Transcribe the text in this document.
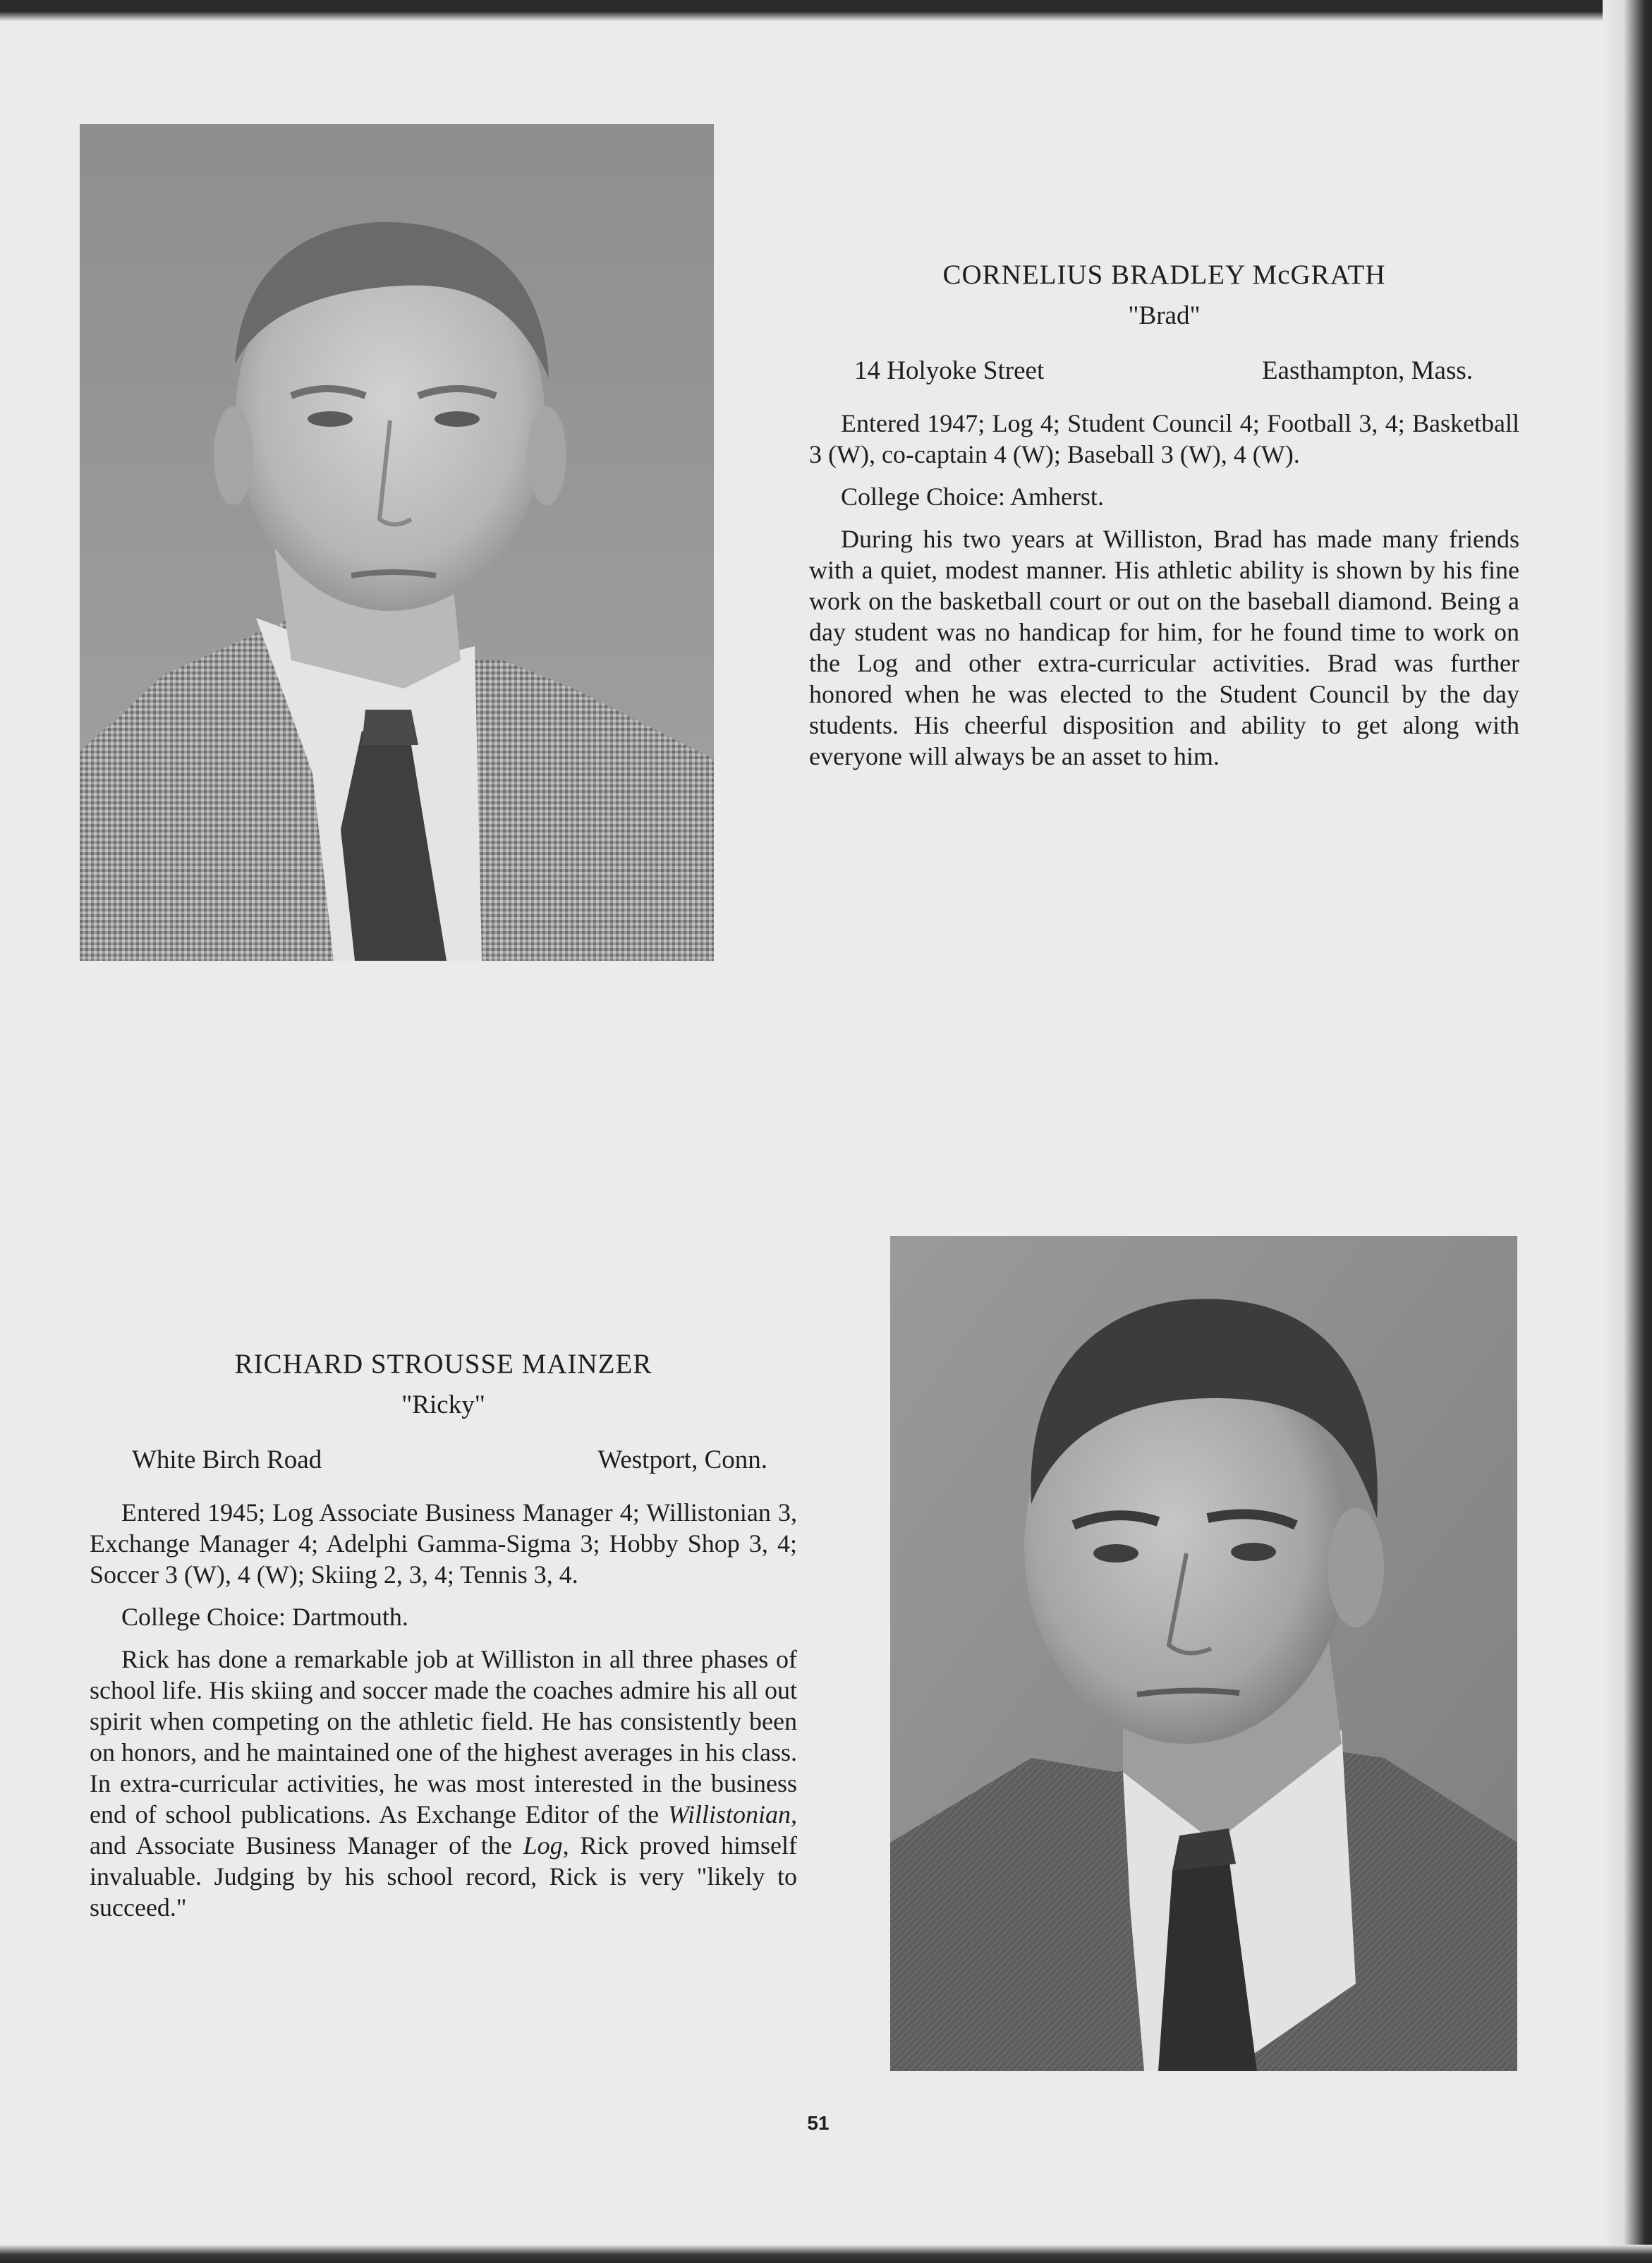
CORNELIUS BRADLEY McGRATH
"Brad"
14 Holyoke Street	Easthampton, Mass.

Entered 1947; Log 4; Student Council 4; Football 3, 4; Basketball 3 (W), co-captain 4 (W); Baseball 3 (W), 4 (W).

College Choice: Amherst.

During his two years at Williston, Brad has made many friends with a quiet, modest manner. His athletic ability is shown by his fine work on the basketball court or out on the baseball diamond. Being a day student was no handicap for him, for he found time to work on the Log and other extra-curricular activities. Brad was further honored when he was elected to the Student Council by the day students. His cheerful disposition and ability to get along with everyone will always be an asset to him.

RICHARD STROUSSE MAINZER
"Ricky"
White Birch Road	Westport, Conn.

Entered 1945; Log Associate Business Manager 4; Willistonian 3, Exchange Manager 4; Adelphi Gamma-Sigma 3; Hobby Shop 3, 4; Soccer 3 (W), 4 (W); Skiing 2, 3, 4; Tennis 3, 4.

College Choice: Dartmouth.

Rick has done a remarkable job at Williston in all three phases of school life. His skiing and soccer made the coaches admire his all out spirit when competing on the athletic field. He has consistently been on honors, and he maintained one of the highest averages in his class. In extra-curricular activities, he was most interested in the business end of school publications. As Exchange Editor of the Willistonian, and Associate Business Manager of the Log, Rick proved himself invaluable. Judging by his school record, Rick is very "likely to succeed."

51
